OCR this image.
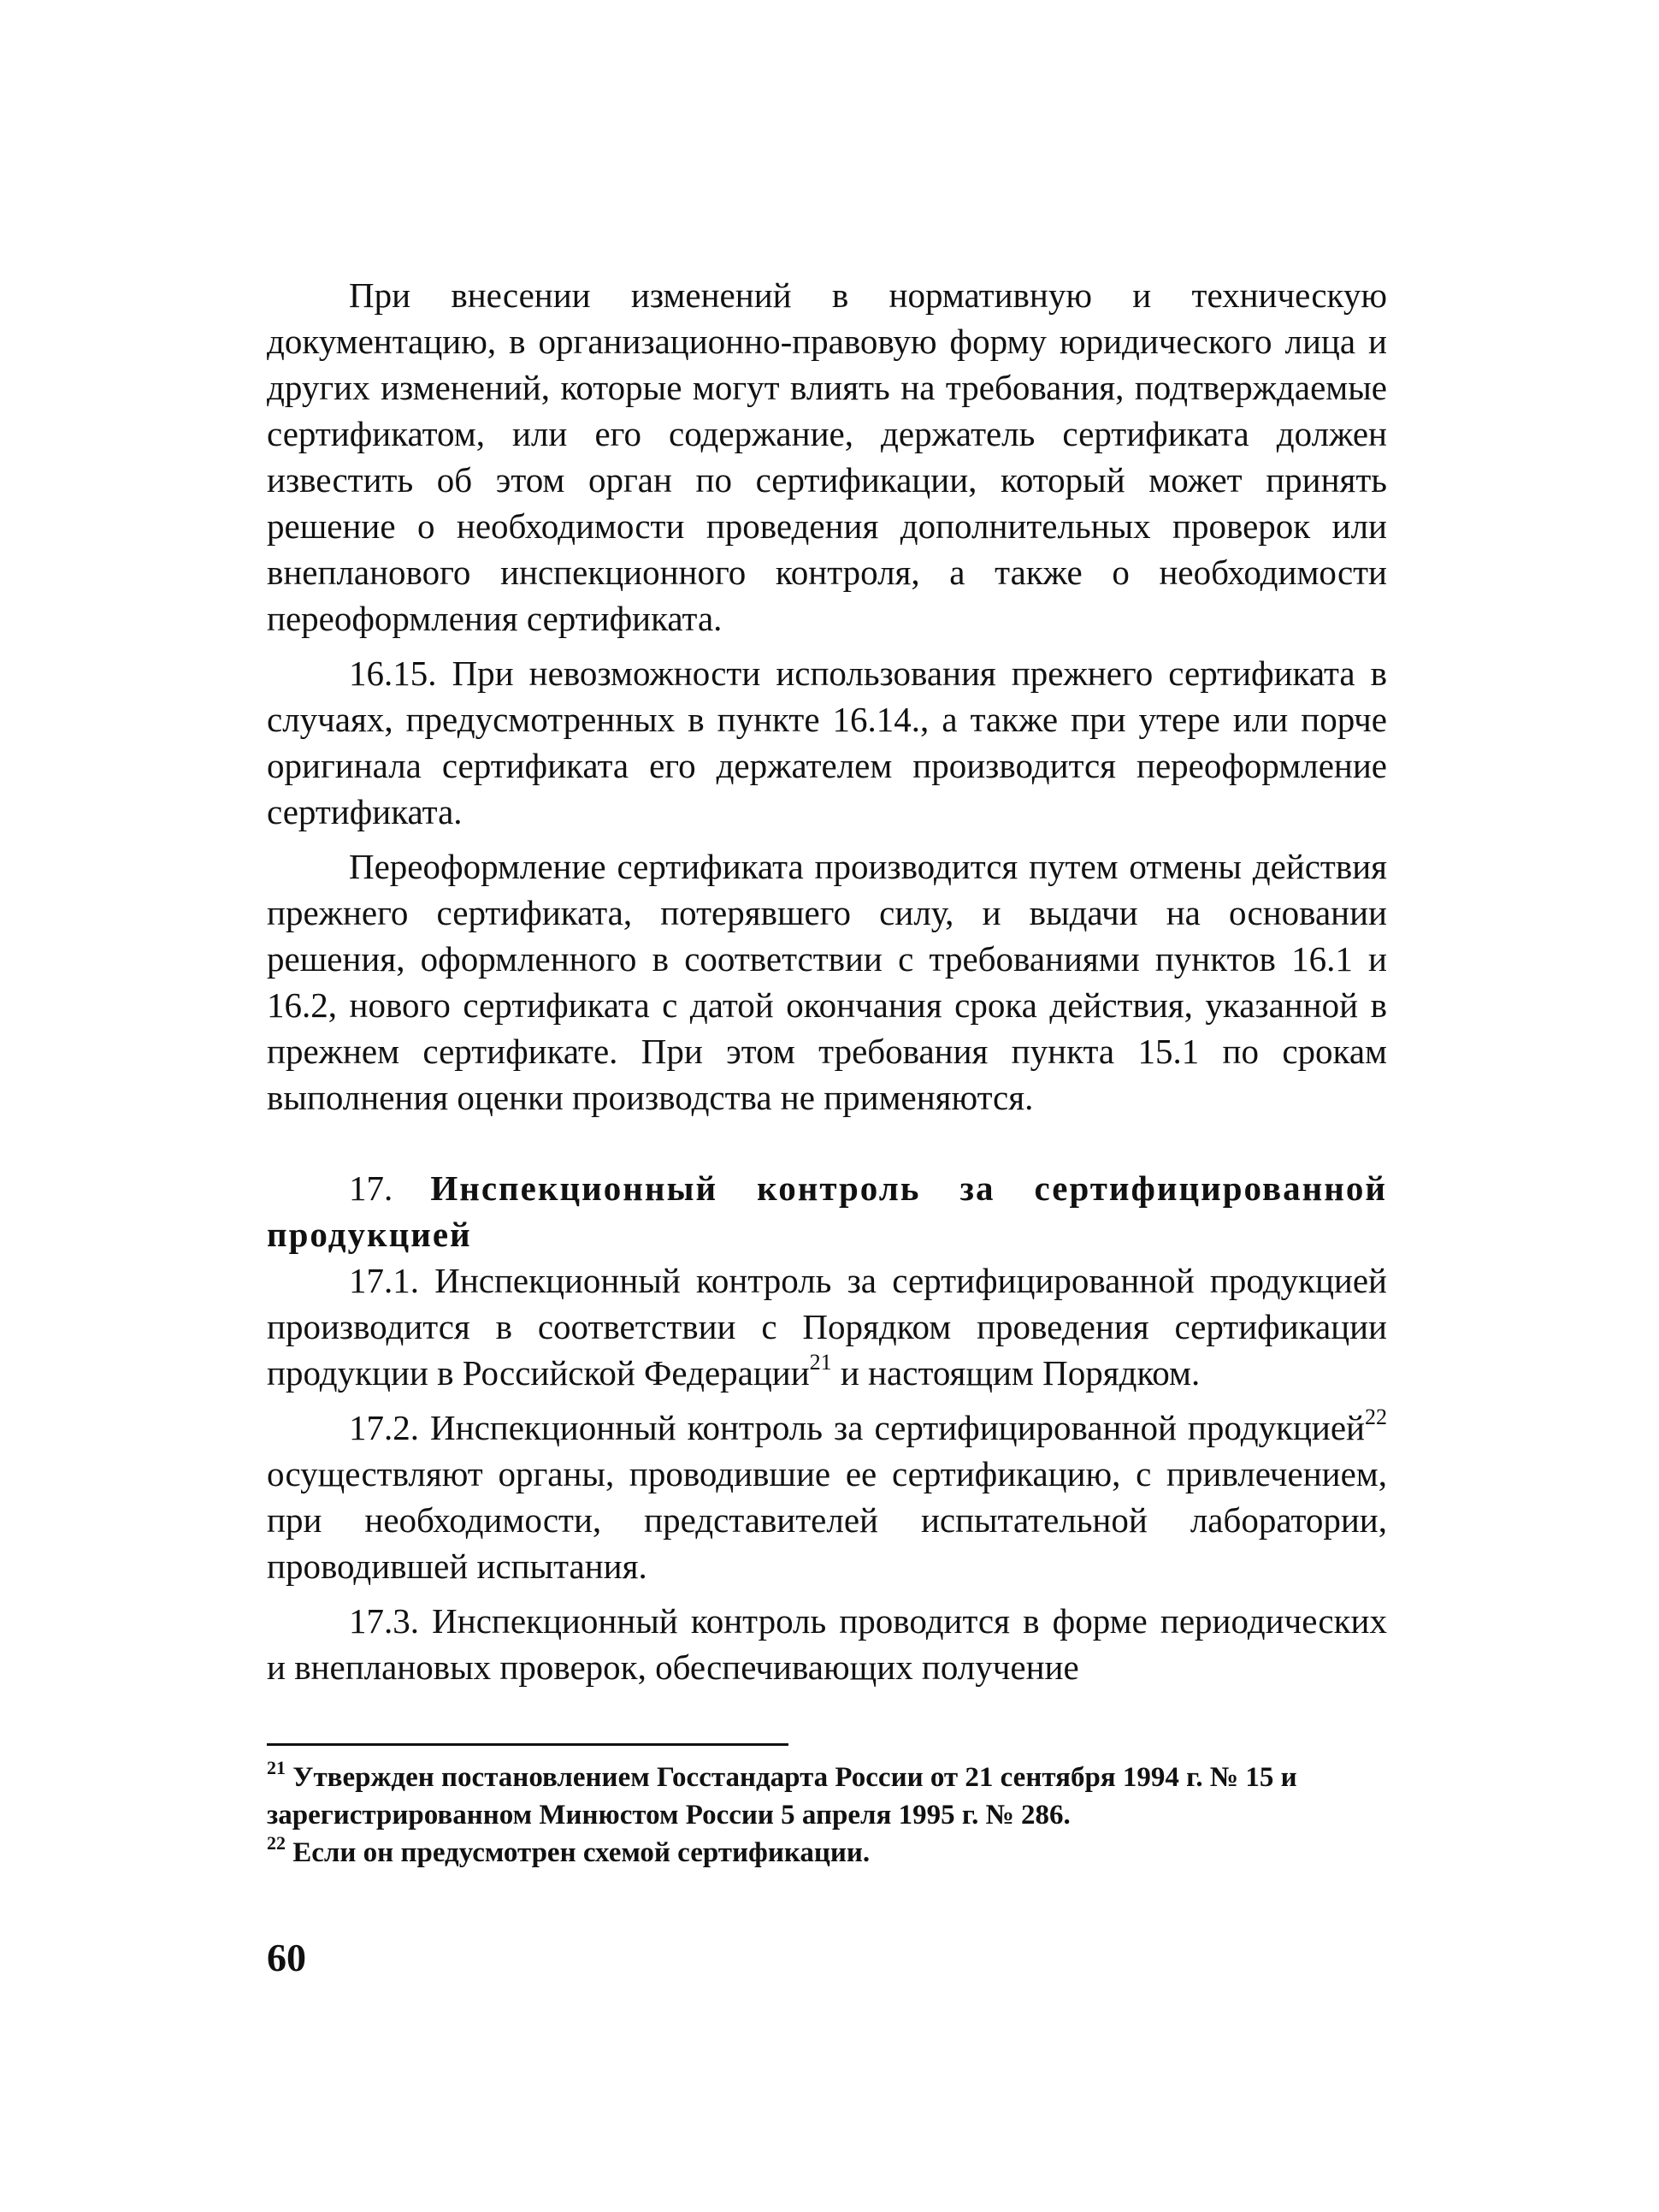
При внесении изменений в нормативную и техническую документацию, в организационно-правовую форму юридического лица и других изменений, которые могут влиять на требования, подтверждаемые сертификатом, или его содержание, держатель сертификата должен известить об этом орган по сертификации, который может принять решение о необходимости проведения дополнительных проверок или внепланового инспекционного контроля, а также о необходимости переоформления сертификата.

16.15. При невозможности использования прежнего сертификата в случаях, предусмотренных в пункте 16.14., а также при утере или порче оригинала сертификата его держателем производится переоформление сертификата.

Переоформление сертификата производится путем отмены действия прежнего сертификата, потерявшего силу, и выдачи на основании решения, оформленного в соответствии с требованиями пунктов 16.1 и 16.2, нового сертификата с датой окончания срока действия, указанной в прежнем сертификате. При этом требования пункта 15.1 по срокам выполнения оценки производства не применяются.

17. Инспекционный контроль за сертифицированной продукцией

17.1. Инспекционный контроль за сертифицированной продукцией производится в соответствии с Порядком проведения сертификации продукции в Российской Федерации$^{21}$ и настоящим Порядком.

17.2. Инспекционный контроль за сертифицированной продукцией$^{22}$ осуществляют органы, проводившие ее сертификацию, с привлечением, при необходимости, представителей испытательной лаборатории, проводившей испытания.

17.3. Инспекционный контроль проводится в форме периодических и внеплановых проверок, обеспечивающих получение

$^{21}$ Утвержден постановлением Госстандарта России от 21 сентября 1994 г. № 15 и зарегистрированном Минюстом России 5 апреля 1995 г. № 286.

$^{22}$ Если он предусмотрен схемой сертификации.

60
